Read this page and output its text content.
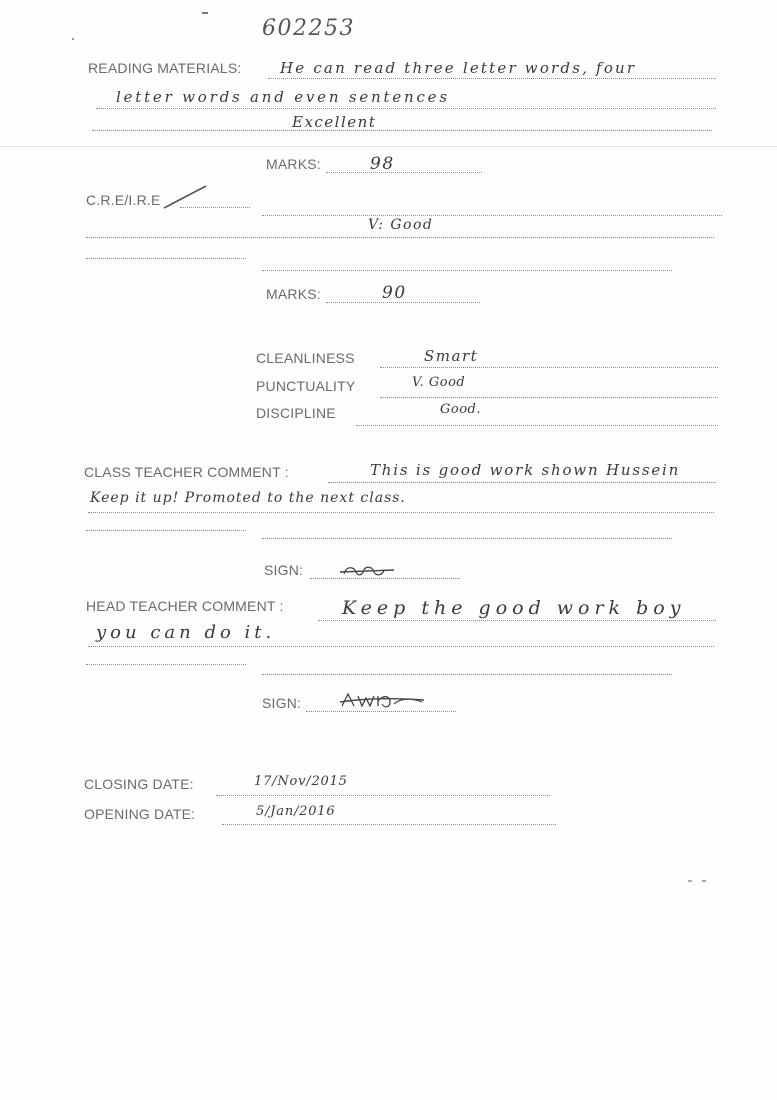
602253
READING MATERIALS:	He can read three letter words, four
letter words and even sentences
Excellent
MARKS:	98
C.R.E/I.R.E
V: Good
MARKS:	90
CLEANLINESS	Smart
PUNCTUALITY	V. Good
DISCIPLINE	Good.
CLASS TEACHER COMMENT :	This is good work shown Hussein
Keep it up! Promoted to the next class.
SIGN:
HEAD TEACHER COMMENT :	Keep the good work boy
you can do it.
SIGN:
CLOSING DATE:	17/Nov/2015
OPENING DATE:	5/Jan/2016
